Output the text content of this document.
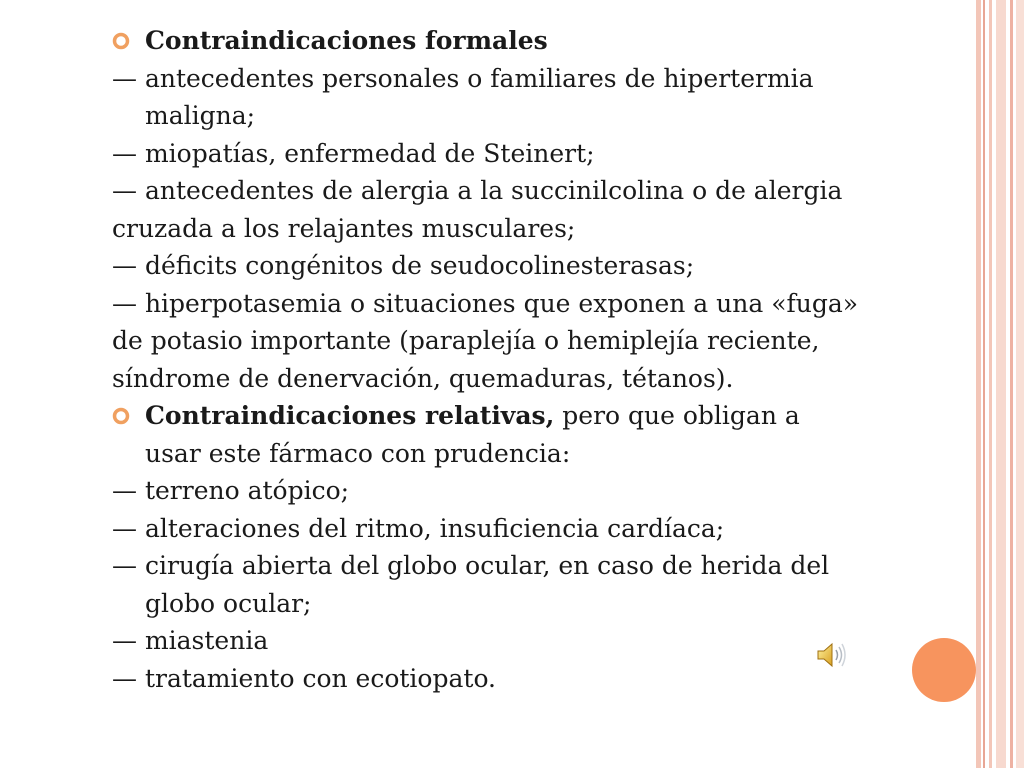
Contraindicaciones formales
— antecedentes personales o familiares de hipertermia
maligna;
— miopatías, enfermedad de Steinert;
— antecedentes de alergia a la succinilcolina o de alergia
cruzada a los relajantes musculares;
— déficits congénitos de seudocolinesterasas;
— hiperpotasemia o situaciones que exponen a una «fuga»
de potasio importante (paraplejía o hemiplejía reciente,
síndrome de denervación, quemaduras, tétanos).
Contraindicaciones relativas, pero que obligan a
usar este fármaco con prudencia:
— terreno atópico;
— alteraciones del ritmo, insuficiencia cardíaca;
— cirugía abierta del globo ocular, en caso de herida del
globo ocular;
— miastenia
— tratamiento con ecotiopato.
